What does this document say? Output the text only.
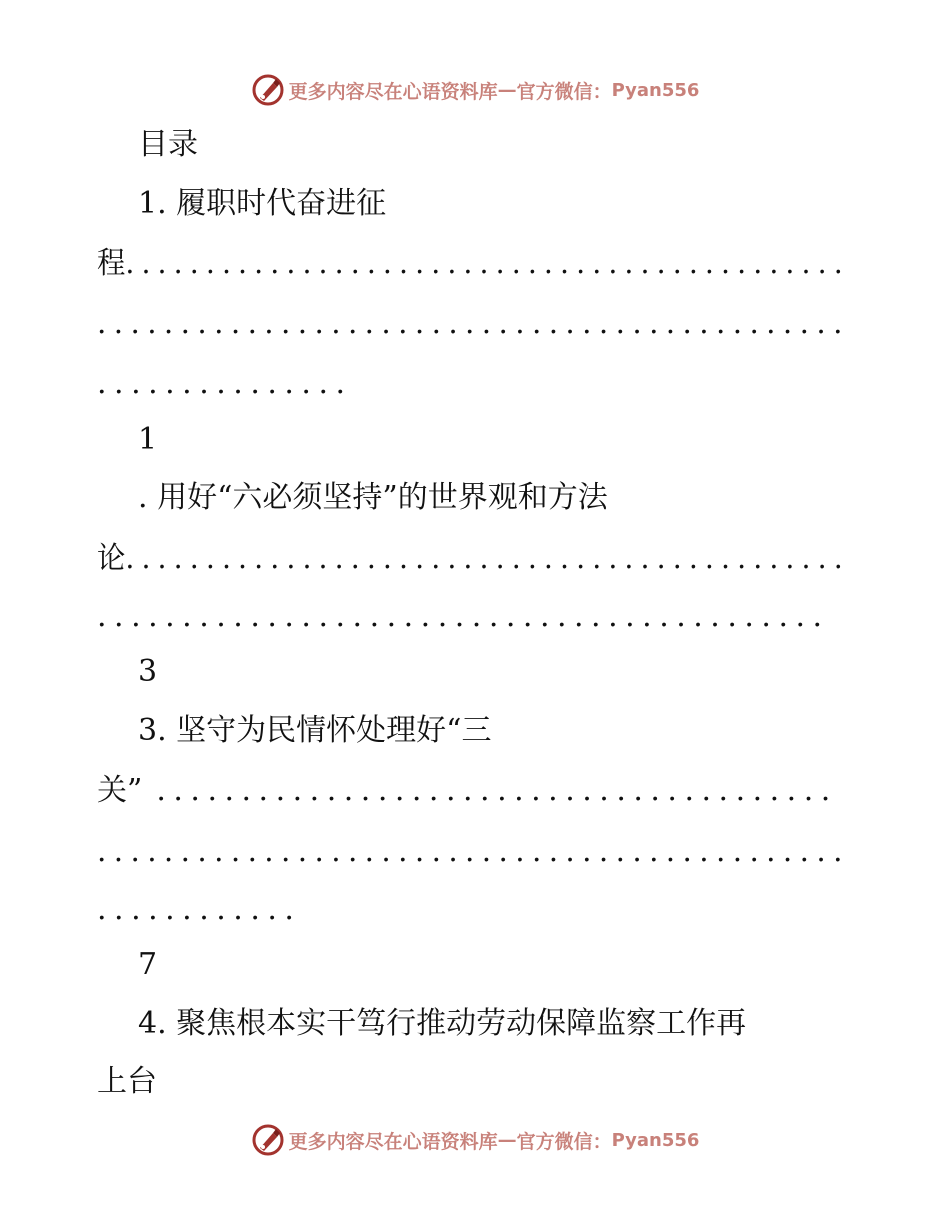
更多内容尽在心语资料库 — 官方微信： Pyan556
目录
1. 履职时代奋进征
程.............................................
.............................................
...............
1
. 用好“六必须坚持”的世界观和方法
论.............................................
...........................................
3
3. 坚守为民情怀处理好“三
关” ........................................
.............................................
............
7
4. 聚焦根本实干笃行推动劳动保障监察工作再
上台
更多内容尽在心语资料库 — 官方微信： Pyan556
